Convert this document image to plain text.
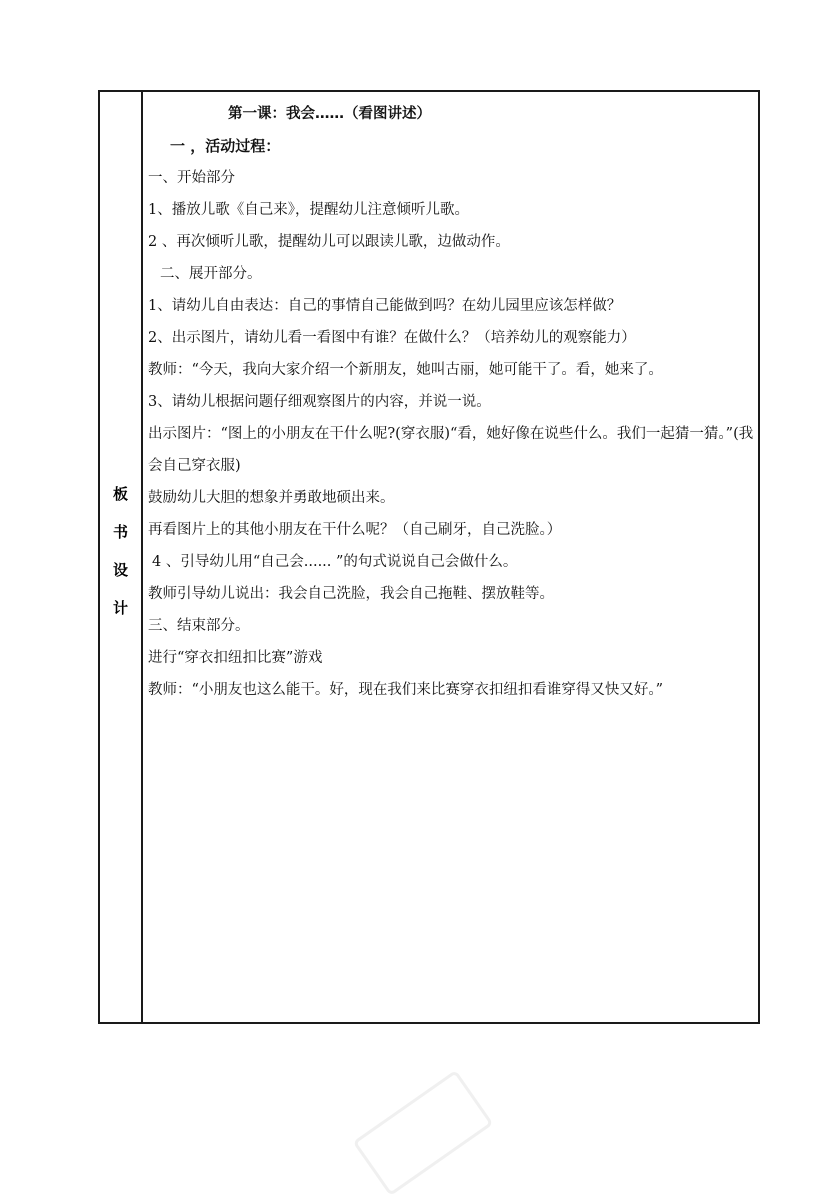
板
书
设
计
第一课：我会……（看图讲述）
一 ，活动过程：
一、开始部分
1、播放儿歌《自己来》，提醒幼儿注意倾听儿歌。
2 、再次倾听儿歌，提醒幼儿可以跟读儿歌，边做动作。
二、展开部分。
1、请幼儿自由表达：自己的事情自己能做到吗？在幼儿园里应该怎样做？
2、出示图片，请幼儿看一看图中有谁？在做什么？（培养幼儿的观察能力）
教师：“今天，我向大家介绍一个新朋友，她叫古丽，她可能干了。看，她来了。
3、请幼儿根据问题仔细观察图片的内容，并说一说。
出示图片：“图上的小朋友在干什么呢?(穿衣服)“看，她好像在说些什么。我们一起猜一猜。”(我会自己穿衣服)
鼓励幼儿大胆的想象并勇敢地硕出来。
再看图片上的其他小朋友在干什么呢？（自己刷牙，自己洗脸。）
4 、引导幼儿用“自己会...... ”的句式说说自己会做什么。
教师引导幼儿说出：我会自己洗脸，我会自己拖鞋、摆放鞋等。
三、结束部分。
进行“穿衣扣纽扣比赛”游戏
教师：“小朋友也这么能干。好，现在我们来比赛穿衣扣纽扣看谁穿得又快又好。”
